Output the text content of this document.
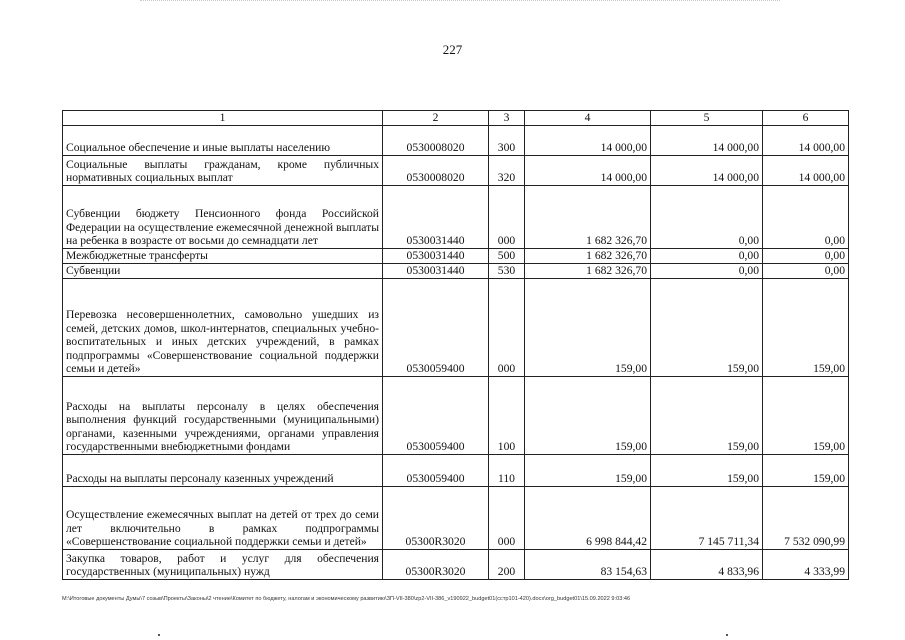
227
1	2	3	4	5	6
Социальное обеспечение и иные выплаты населению	0530008020	300	14 000,00	14 000,00	14 000,00
Социальные выплаты гражданам, кроме публичных нормативных социальных выплат	0530008020	320	14 000,00	14 000,00	14 000,00
Субвенции бюджету Пенсионного фонда Российской Федерации на осуществление ежемесячной денежной выплаты на ребенка в возрасте от восьми до семнадцати лет	0530031440	000	1 682 326,70	0,00	0,00
Межбюджетные трансферты	0530031440	500	1 682 326,70	0,00	0,00
Субвенции	0530031440	530	1 682 326,70	0,00	0,00
Перевозка несовершеннолетних, самовольно ушедших из семей, детских домов, школ-интернатов, специальных учебно-воспитательных и иных детских учреждений, в рамках подпрограммы «Совершенствование социальной поддержки семьи и детей»	0530059400	000	159,00	159,00	159,00
Расходы на выплаты персоналу в целях обеспечения выполнения функций государственными (муниципальными) органами, казенными учреждениями, органами управления государственными внебюджетными фондами	0530059400	100	159,00	159,00	159,00
Расходы на выплаты персоналу казенных учреждений	0530059400	110	159,00	159,00	159,00
Осуществление ежемесячных выплат на детей от трех до семи лет включительно в рамках подпрограммы «Совершенствование социальной поддержки семьи и детей»	05300R3020	000	6 998 844,42	7 145 711,34	7 532 090,99
Закупка товаров, работ и услуг для обеспечения государственных (муниципальных) нужд	05300R3020	200	83 154,63	4 833,96	4 333,99
M:\Итоговые документы Думы\7 созыв\Проекты\Законы\2 чтение\Комитет по бюджету, налогам и экономическому развитию\ЗП-VII-380\zp2-VII-386_v190922_budget01(сстр101-420).docx\org_budget01\15.09.2022 9:03:46
